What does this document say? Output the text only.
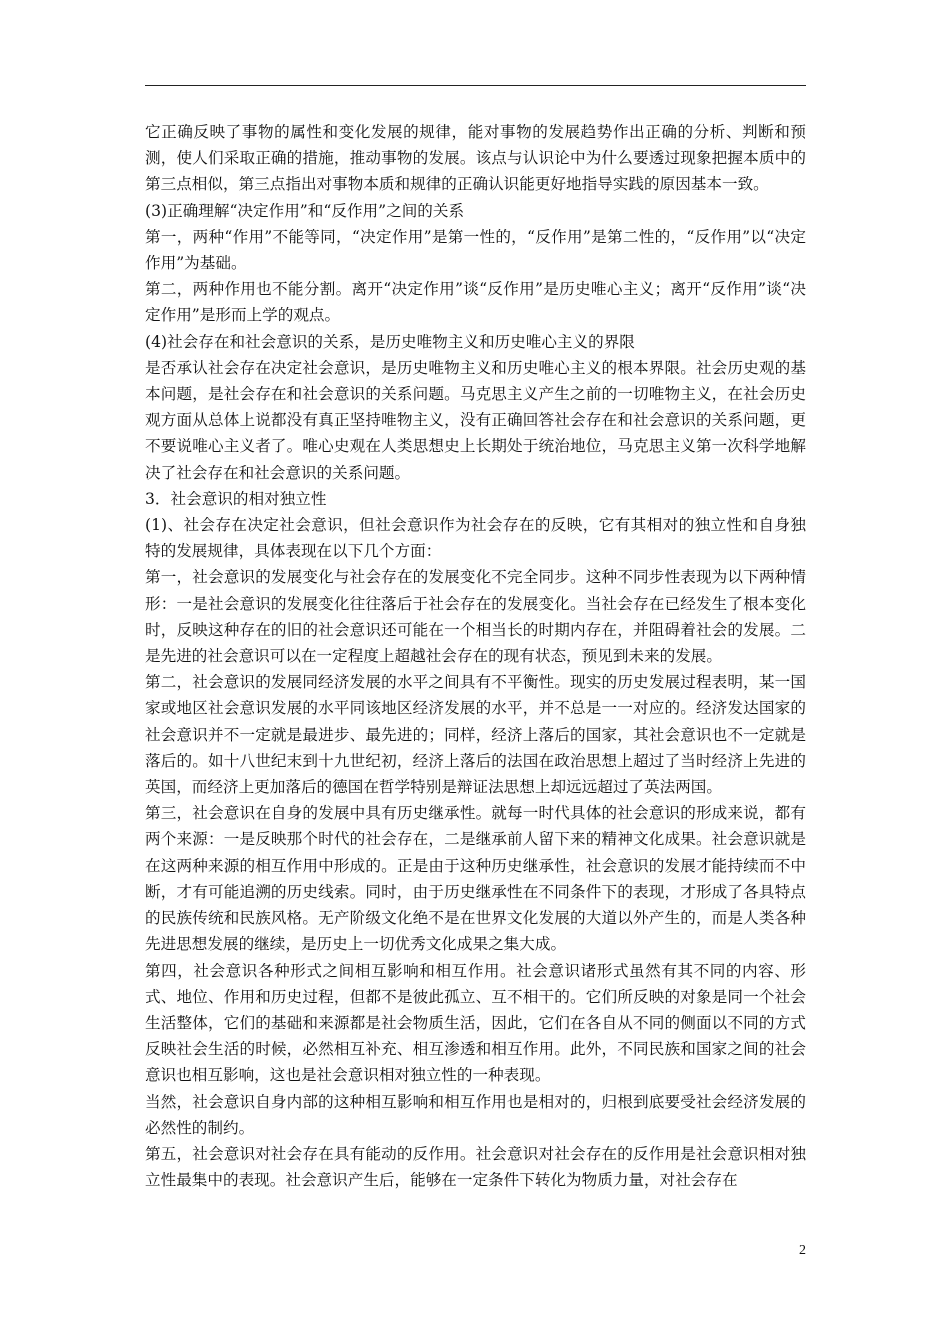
它正确反映了事物的属性和变化发展的规律，能对事物的发展趋势作出正确的分析、判断和预测，使人们采取正确的措施，推动事物的发展。该点与认识论中为什么要透过现象把握本质中的第三点相似，第三点指出对事物本质和规律的正确认识能更好地指导实践的原因基本一致。

(3)正确理解“决定作用”和“反作用”之间的关系

第一，两种“作用”不能等同，“决定作用”是第一性的，“反作用”是第二性的，“反作用”以“决定作用”为基础。

第二，两种作用也不能分割。离开“决定作用”谈“反作用”是历史唯心主义；离开“反作用”谈“决定作用”是形而上学的观点。

(4)社会存在和社会意识的关系，是历史唯物主义和历史唯心主义的界限

是否承认社会存在决定社会意识，是历史唯物主义和历史唯心主义的根本界限。社会历史观的基本问题，是社会存在和社会意识的关系问题。马克思主义产生之前的一切唯物主义，在社会历史观方面从总体上说都没有真正坚持唯物主义，没有正确回答社会存在和社会意识的关系问题，更不要说唯心主义者了。唯心史观在人类思想史上长期处于统治地位，马克思主义第一次科学地解决了社会存在和社会意识的关系问题。

3．社会意识的相对独立性

(1)、社会存在决定社会意识，但社会意识作为社会存在的反映，它有其相对的独立性和自身独特的发展规律，具体表现在以下几个方面：

第一，社会意识的发展变化与社会存在的发展变化不完全同步。这种不同步性表现为以下两种情形：一是社会意识的发展变化往往落后于社会存在的发展变化。当社会存在已经发生了根本变化时，反映这种存在的旧的社会意识还可能在一个相当长的时期内存在，并阻碍着社会的发展。二是先进的社会意识可以在一定程度上超越社会存在的现有状态，预见到未来的发展。

第二，社会意识的发展同经济发展的水平之间具有不平衡性。现实的历史发展过程表明，某一国家或地区社会意识发展的水平同该地区经济发展的水平，并不总是一一对应的。经济发达国家的社会意识并不一定就是最进步、最先进的；同样，经济上落后的国家，其社会意识也不一定就是落后的。如十八世纪末到十九世纪初，经济上落后的法国在政治思想上超过了当时经济上先进的英国，而经济上更加落后的德国在哲学特别是辩证法思想上却远远超过了英法两国。

第三，社会意识在自身的发展中具有历史继承性。就每一时代具体的社会意识的形成来说，都有两个来源：一是反映那个时代的社会存在，二是继承前人留下来的精神文化成果。社会意识就是在这两种来源的相互作用中形成的。正是由于这种历史继承性，社会意识的发展才能持续而不中断，才有可能追溯的历史线索。同时，由于历史继承性在不同条件下的表现，才形成了各具特点的民族传统和民族风格。无产阶级文化绝不是在世界文化发展的大道以外产生的，而是人类各种先进思想发展的继续，是历史上一切优秀文化成果之集大成。

第四，社会意识各种形式之间相互影响和相互作用。社会意识诸形式虽然有其不同的内容、形式、地位、作用和历史过程，但都不是彼此孤立、互不相干的。它们所反映的对象是同一个社会生活整体，它们的基础和来源都是社会物质生活，因此，它们在各自从不同的侧面以不同的方式反映社会生活的时候，必然相互补充、相互渗透和相互作用。此外，不同民族和国家之间的社会意识也相互影响，这也是社会意识相对独立性的一种表现。

当然，社会意识自身内部的这种相互影响和相互作用也是相对的，归根到底要受社会经济发展的必然性的制约。

第五，社会意识对社会存在具有能动的反作用。社会意识对社会存在的反作用是社会意识相对独立性最集中的表现。社会意识产生后，能够在一定条件下转化为物质力量，对社会存在

2
